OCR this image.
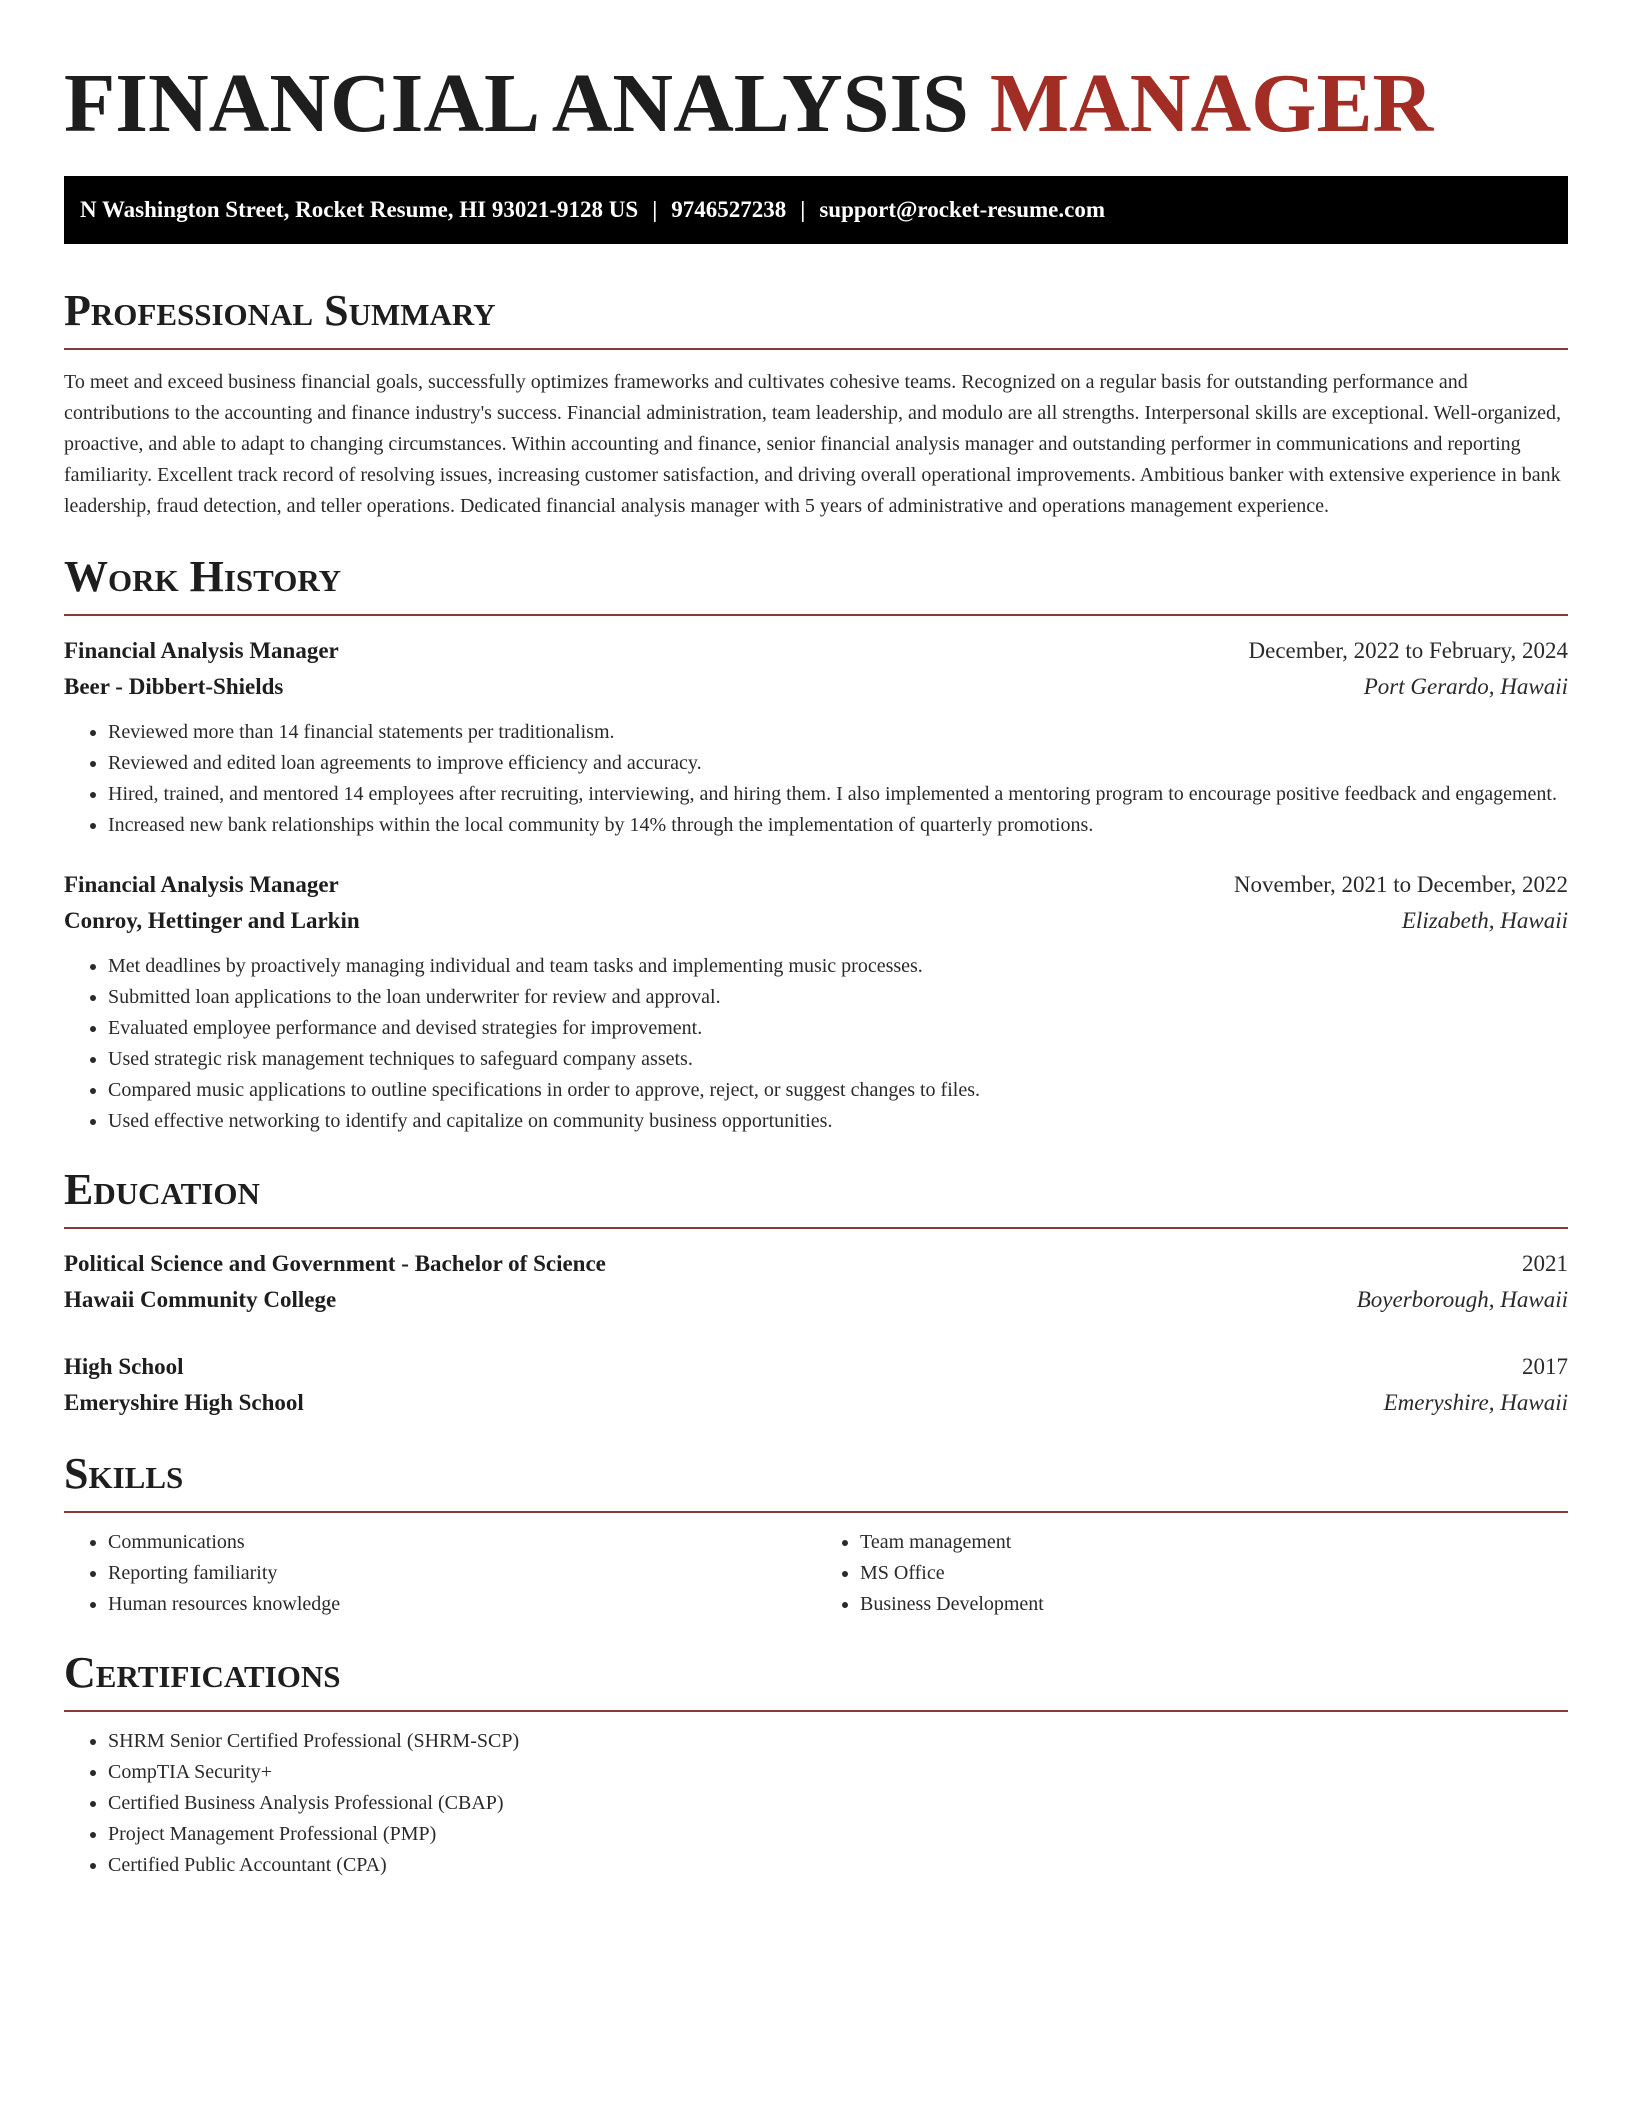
FINANCIAL ANALYSIS MANAGER
N Washington Street, Rocket Resume, HI 93021-9128 US | 9746527238 | support@rocket-resume.com
Professional Summary
To meet and exceed business financial goals, successfully optimizes frameworks and cultivates cohesive teams. Recognized on a regular basis for outstanding performance and contributions to the accounting and finance industry's success. Financial administration, team leadership, and modulo are all strengths. Interpersonal skills are exceptional. Well-organized, proactive, and able to adapt to changing circumstances. Within accounting and finance, senior financial analysis manager and outstanding performer in communications and reporting familiarity. Excellent track record of resolving issues, increasing customer satisfaction, and driving overall operational improvements. Ambitious banker with extensive experience in bank leadership, fraud detection, and teller operations. Dedicated financial analysis manager with 5 years of administrative and operations management experience.
Work History
Financial Analysis Manager	December, 2022 to February, 2024
Beer - Dibbert-Shields	Port Gerardo, Hawaii
• Reviewed more than 14 financial statements per traditionalism.
• Reviewed and edited loan agreements to improve efficiency and accuracy.
• Hired, trained, and mentored 14 employees after recruiting, interviewing, and hiring them. I also implemented a mentoring program to encourage positive feedback and engagement.
• Increased new bank relationships within the local community by 14% through the implementation of quarterly promotions.
Financial Analysis Manager	November, 2021 to December, 2022
Conroy, Hettinger and Larkin	Elizabeth, Hawaii
• Met deadlines by proactively managing individual and team tasks and implementing music processes.
• Submitted loan applications to the loan underwriter for review and approval.
• Evaluated employee performance and devised strategies for improvement.
• Used strategic risk management techniques to safeguard company assets.
• Compared music applications to outline specifications in order to approve, reject, or suggest changes to files.
• Used effective networking to identify and capitalize on community business opportunities.
Education
Political Science and Government - Bachelor of Science	2021
Hawaii Community College	Boyerborough, Hawaii
High School	2017
Emeryshire High School	Emeryshire, Hawaii
Skills
• Communications
• Reporting familiarity
• Human resources knowledge
• Team management
• MS Office
• Business Development
Certifications
• SHRM Senior Certified Professional (SHRM-SCP)
• CompTIA Security+
• Certified Business Analysis Professional (CBAP)
• Project Management Professional (PMP)
• Certified Public Accountant (CPA)
